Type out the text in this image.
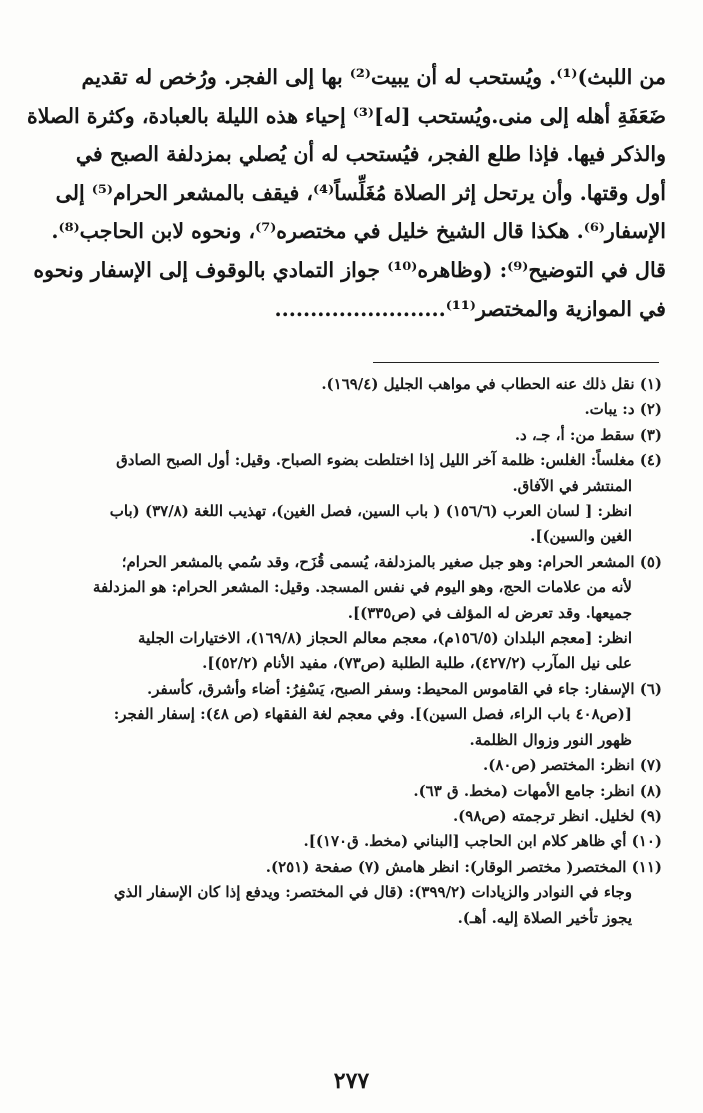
من اللبث)⁽¹⁾. ويُستحب له أن يبيت⁽²⁾ بها إلى الفجر. ورُخص له تقديم
ضَعَفَةِ أهله إلى منى.ويُستحب [له]⁽³⁾ إحياء هذه الليلة بالعبادة، وكثرة الصلاة
والذكر فيها. فإذا طلع الفجر، فيُستحب له أن يُصلي بمزدلفة الصبح في
أول وقتها. وأن يرتحل إثر الصلاة مُغَلِّساً⁽⁴⁾، فيقف بالمشعر الحرام⁽⁵⁾ إلى
الإسفار⁽⁶⁾. هكذا قال الشيخ خليل في مختصره⁽⁷⁾، ونحوه لابن الحاجب⁽⁸⁾.
قال في التوضيح⁽⁹⁾: (وظاهره⁽¹⁰⁾ جواز التمادي بالوقوف إلى الإسفار ونحوه
في الموازية والمختصر⁽¹¹⁾........................

(١) نقل ذلك عنه الحطاب في مواهب الجليل (١٦٩/٤).

(٢) د: يبات.

(٣) سقط من: أ، جـ، د.

(٤) مغلساً: الغلس: ظلمة آخر الليل إذا اختلطت بضوء الصباح. وقيل: أول الصبح الصادق
المنتشر في الآفاق.
انظر: [ لسان العرب (١٥٦/٦) ( باب السين، فصل الغين)، تهذيب اللغة (٣٧/٨) (باب
الغين والسين)].

(٥) المشعر الحرام: وهو جبل صغير بالمزدلفة، يُسمى قُزَح، وقد سُمي بالمشعر الحرام؛
لأنه من علامات الحج، وهو اليوم في نفس المسجد. وقيل: المشعر الحرام: هو المزدلفة
جميعها. وقد تعرض له المؤلف في (ص٣٣٥)].
انظر: [معجم البلدان (١٥٦/٥م)، معجم معالم الحجاز (١٦٩/٨)، الاختيارات الجلية
على نيل المآرب (٤٢٧/٢)، طلبة الطلبة (ص٧٣)، مفيد الأنام (٥٢/٢)].

(٦) الإسفار: جاء في القاموس المحيط: وسفر الصبح، يَسْفِرُ: أضاء وأشرق، كأسفر.
[(ص٤٠٨ باب الراء، فصل السين)]. وفي معجم لغة الفقهاء (ص ٤٨): إسفار الفجر:
ظهور النور وزوال الظلمة.

(٧) انظر: المختصر (ص٨٠).

(٨) انظر: جامع الأمهات (مخط. ق ٦٣).

(٩) لخليل. انظر ترجمته (ص٩٨).

(١٠) أي ظاهر كلام ابن الحاجب [البناني (مخط. ق١٧٠)].

(١١) المختصر( مختصر الوقار): انظر هامش (٧) صفحة (٢٥١).
وجاء في النوادر والزيادات (٣٩٩/٢): (قال في المختصر: ويدفع إذا كان الإسفار الذي
يجوز تأخير الصلاة إليه. أهـ).

٢٧٧
